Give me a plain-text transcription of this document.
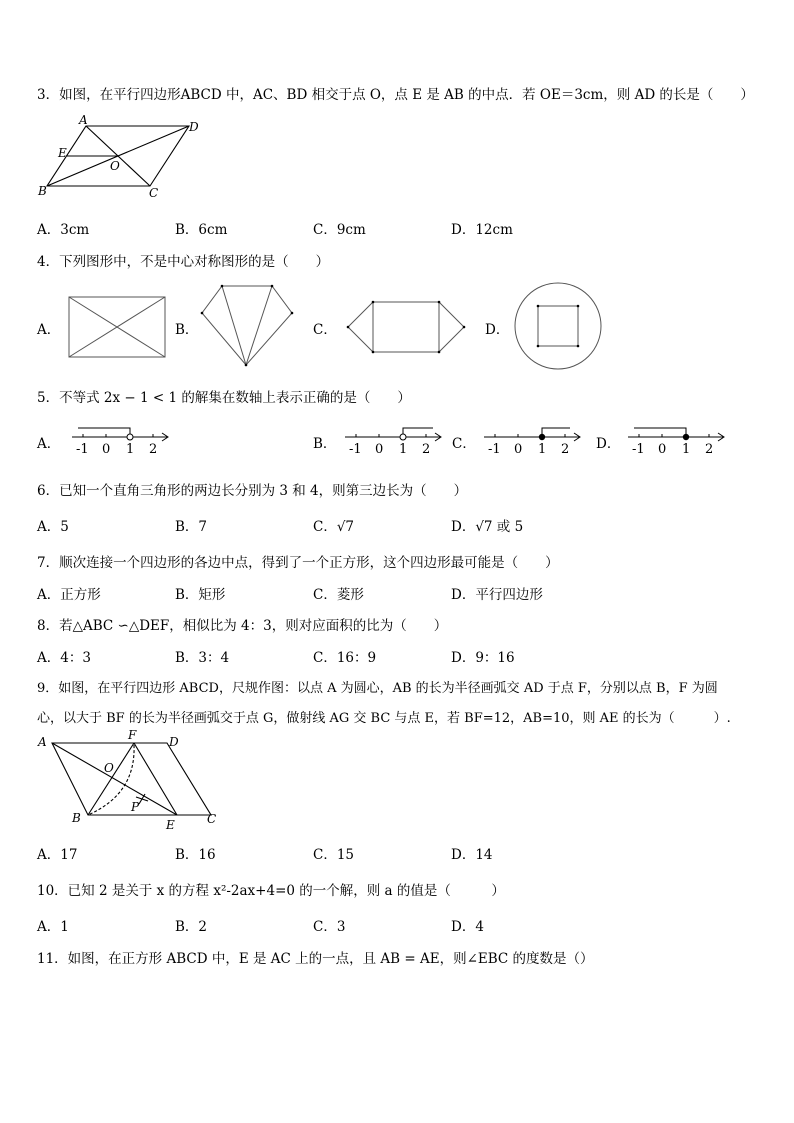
3．如图，在平行四边形ABCD 中，AC、BD 相交于点 O，点 E 是 AB 的中点．若 OE＝3cm，则 AD 的长是（　　）
A	D
E
O
B	C
A．3cm	B．6cm	C．9cm	D．12cm
4．下列图形中，不是中心对称图形的是（　　）
A．	B．	C．	D．
5．不等式 2x − 1 < 1 的解集在数轴上表示正确的是（　　）
A． -1 0 1 2	B． -1 0 1 2 C． -1 0 1 2 D． -1 0 1 2
6．已知一个直角三角形的两边长分别为 3 和 4，则第三边长为（　　）
A．5	B．7	C．√7	D．√7 或 5
7．顺次连接一个四边形的各边中点，得到了一个正方形，这个四边形最可能是（　　）
A．正方形	B．矩形	C．菱形	D．平行四边形
8．若△ABC ∽△DEF，相似比为 4：3，则对应面积的比为（　　）
A．4：3	B．3：4	C．16：9	D．9：16
9．如图，在平行四边形 ABCD，尺规作图：以点 A 为圆心，AB 的长为半径画弧交 AD 于点 F，分别以点 B，F 为圆
心，以大于 BF 的长为半径画弧交于点 G，做射线 AG 交 BC 与点 E，若 BF=12，AB=10，则 AE 的长为（　　　）.
A	F	D
O
P
B	E	C
A．17	B．16	C．15	D．14
10．已知 2 是关于 x 的方程 x²-2ax+4=0 的一个解，则 a 的值是（　　　）
A．1	B．2	C．3	D．4
11．如图，在正方形 ABCD 中，E 是 AC 上的一点，且 AB = AE，则∠EBC 的度数是（）
